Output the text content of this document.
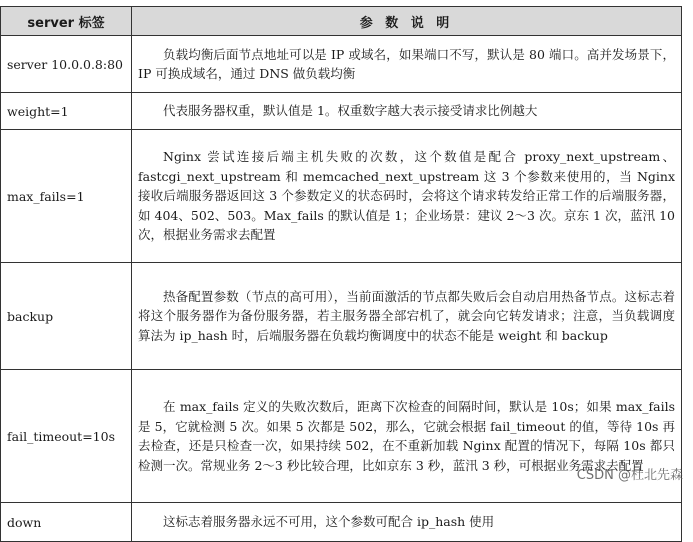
server 标签	参 数 说 明
server 10.0.0.8:80	负载均衡后面节点地址可以是 IP 或域名，如果端口不写，默认是 80 端口。高并发场景下，IP 可换成域名，通过 DNS 做负载均衡
weight=1	代表服务器权重，默认值是 1。权重数字越大表示接受请求比例越大
max_fails=1	Nginx 尝试连接后端主机失败的次数，这个数值是配合 proxy_next_upstream、fastcgi_next_upstream 和 memcached_next_upstream 这 3 个参数来使用的，当 Nginx 接收后端服务器返回这 3 个参数定义的状态码时，会将这个请求转发给正常工作的后端服务器，如 404、502、503。Max_fails 的默认值是 1；企业场景：建议 2～3 次。京东 1 次，蓝汛 10 次，根据业务需求去配置
backup	热备配置参数（节点的高可用），当前面激活的节点都失败后会自动启用热备节点。这标志着将这个服务器作为备份服务器，若主服务器全部宕机了，就会向它转发请求；注意，当负载调度算法为 ip_hash 时，后端服务器在负载均衡调度中的状态不能是 weight 和 backup
fail_timeout=10s	在 max_fails 定义的失败次数后，距离下次检查的间隔时间，默认是 10s；如果 max_fails 是 5，它就检测 5 次。如果 5 次都是 502，那么，它就会根据 fail_timeout 的值，等待 10s 再去检查，还是只检查一次，如果持续 502，在不重新加载 Nginx 配置的情况下，每隔 10s 都只检测一次。常规业务 2～3 秒比较合理，比如京东 3 秒，蓝汛 3 秒，可根据业务需求去配置
down	这标志着服务器永远不可用，这个参数可配合 ip_hash 使用
CSDN @杜北先森
